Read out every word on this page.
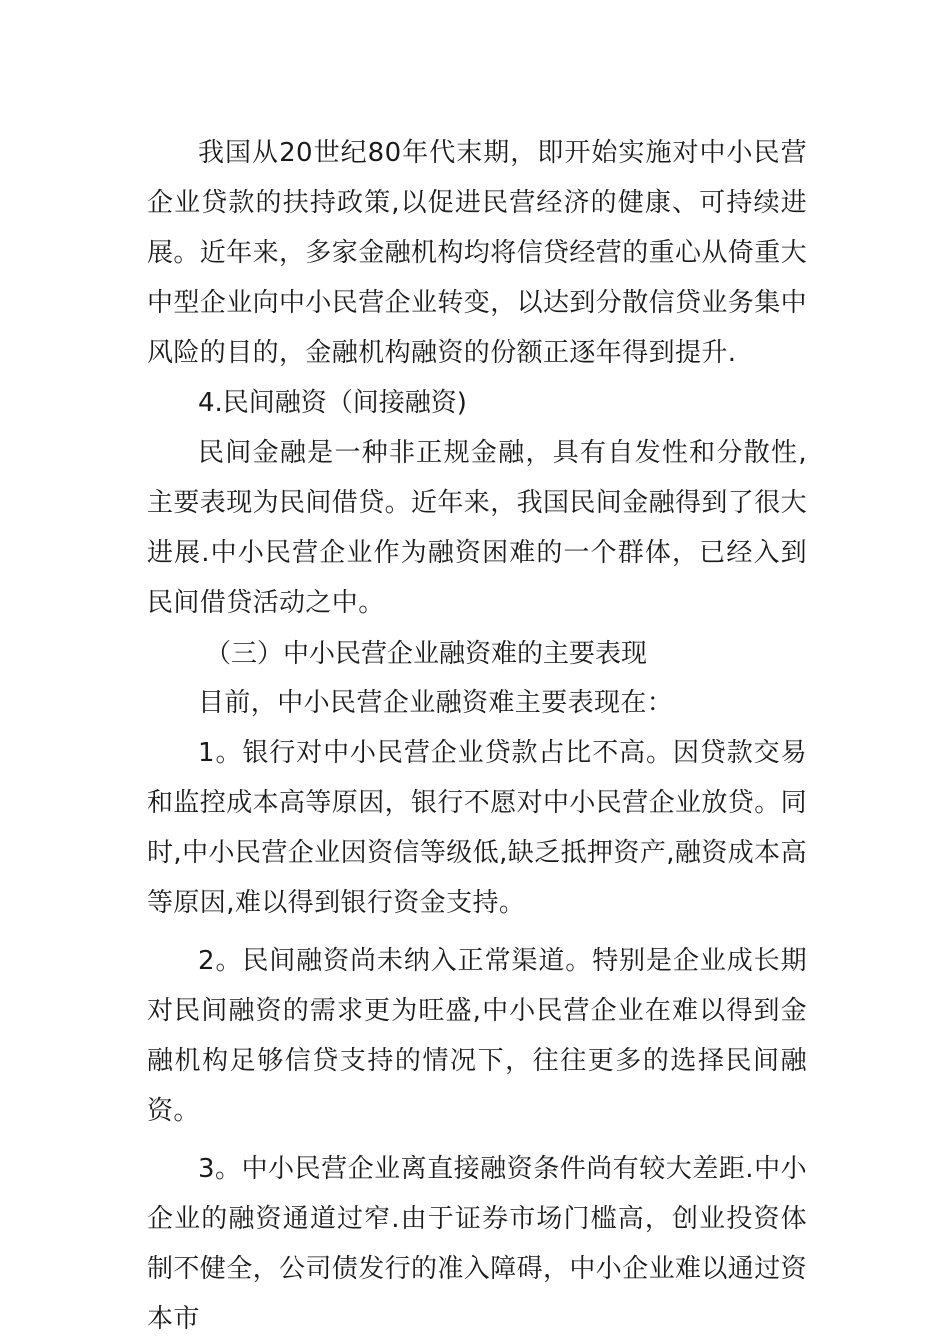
我国从20世纪80年代末期，即开始实施对中小民营企业贷款的扶持政策,以促进民营经济的健康、可持续进展。近年来，多家金融机构均将信贷经营的重心从倚重大中型企业向中小民营企业转变，以达到分散信贷业务集中风险的目的，金融机构融资的份额正逐年得到提升.

4.民间融资（间接融资)

民间金融是一种非正规金融，具有自发性和分散性,主要表现为民间借贷。近年来，我国民间金融得到了很大进展.中小民营企业作为融资困难的一个群体，已经入到民间借贷活动之中。

（三）中小民营企业融资难的主要表现

目前，中小民营企业融资难主要表现在：

1。银行对中小民营企业贷款占比不高。因贷款交易和监控成本高等原因，银行不愿对中小民营企业放贷。同时,中小民营企业因资信等级低,缺乏抵押资产,融资成本高等原因,难以得到银行资金支持。

2。民间融资尚未纳入正常渠道。特别是企业成长期对民间融资的需求更为旺盛,中小民营企业在难以得到金融机构足够信贷支持的情况下，往往更多的选择民间融资。

3。中小民营企业离直接融资条件尚有较大差距.中小企业的融资通道过窄.由于证券市场门槛高，创业投资体制不健全，公司债发行的准入障碍，中小企业难以通过资本市
